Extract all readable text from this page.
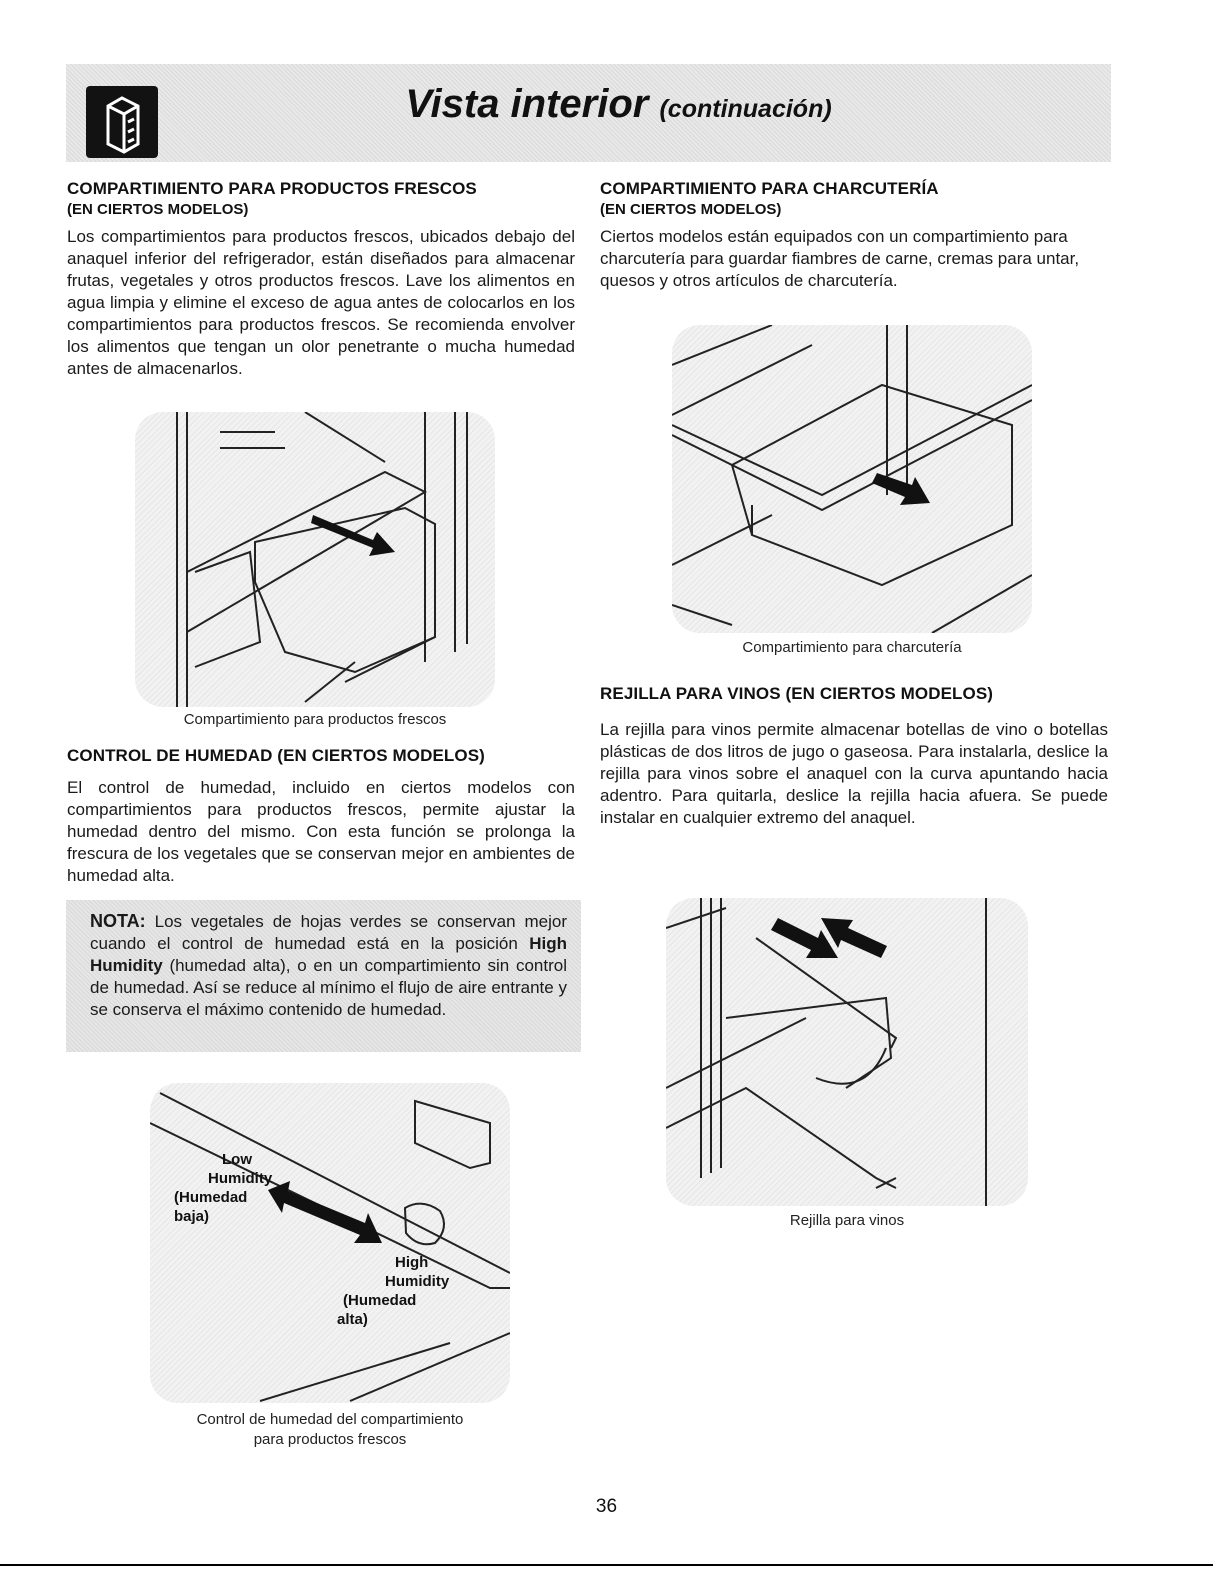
Vista interior (continuación)
COMPARTIMIENTO PARA PRODUCTOS FRESCOS
(EN CIERTOS MODELOS)

Los compartimientos para productos frescos, ubicados debajo del anaquel inferior del refrigerador, están diseñados para almacenar frutas, vegetales y otros productos frescos. Lave los alimentos en agua limpia y elimine el exceso de agua antes de colocarlos en los compartimientos para productos frescos. Se recomienda envolver los alimentos que tengan un olor penetrante o mucha humedad antes de almacenarlos.

Compartimiento para productos frescos
CONTROL DE HUMEDAD (EN CIERTOS MODELOS)

El control de humedad, incluido en ciertos modelos con compartimientos para productos frescos, permite ajustar la humedad dentro del mismo. Con esta función se prolonga la frescura de los vegetales que se conservan mejor en ambientes de humedad alta.

NOTA: Los vegetales de hojas verdes se conservan mejor cuando el control de humedad está en la posición High Humidity (humedad alta), o en un compartimiento sin control de humedad. Así se reduce al mínimo el flujo de aire entrante y se conserva el máximo contenido de humedad.
Low
Humidity
(Humedad
baja)
High
Humidity
(Humedad
alta)
Control de humedad del compartimiento
para productos frescos
COMPARTIMIENTO PARA CHARCUTERÍA
(EN CIERTOS MODELOS)

Ciertos modelos están equipados con un compartimiento para charcutería para guardar fiambres de carne, cremas para untar, quesos y otros artículos de charcutería.

Compartimiento para charcutería
REJILLA PARA VINOS (EN CIERTOS MODELOS)

La rejilla para vinos permite almacenar botellas de vino o botellas plásticas de dos litros de jugo o gaseosa. Para instalarla, deslice la rejilla para vinos sobre el anaquel con la curva apuntando hacia adentro. Para quitarla, deslice la rejilla hacia afuera. Se puede instalar en cualquier extremo del anaquel.

Rejilla para vinos
36
